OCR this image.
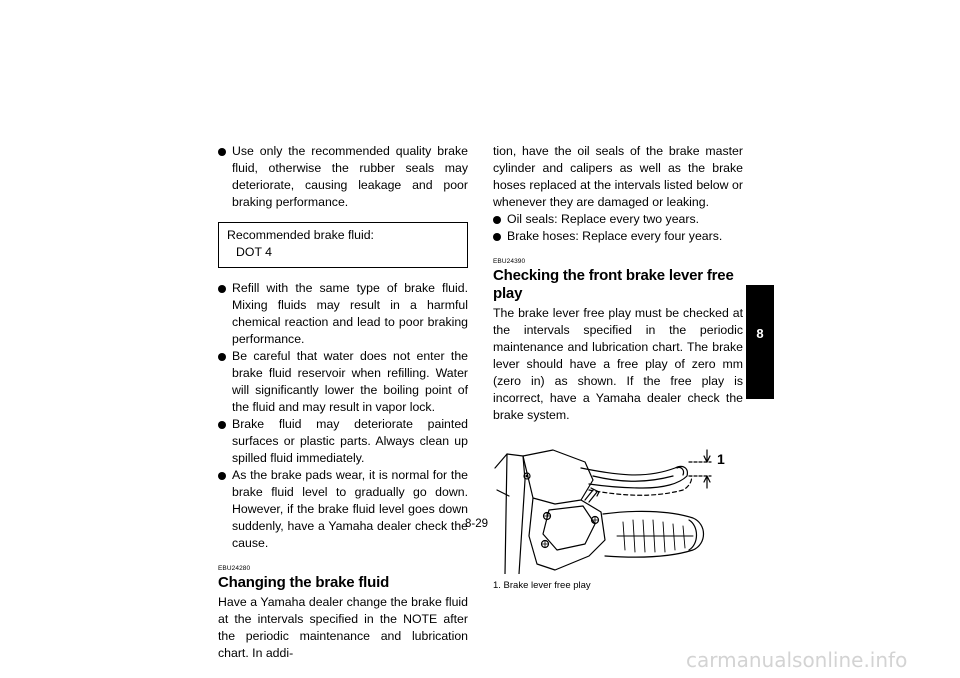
Use only the recommended quality brake fluid, otherwise the rubber seals may deteriorate, causing leakage and poor braking performance.
Recommended brake fluid:
DOT 4
Refill with the same type of brake fluid. Mixing fluids may result in a harmful chemical reaction and lead to poor braking performance.
Be careful that water does not enter the brake fluid reservoir when refilling. Water will significantly lower the boiling point of the fluid and may result in vapor lock.
Brake fluid may deteriorate painted surfaces or plastic parts. Always clean up spilled fluid immediately.
As the brake pads wear, it is normal for the brake fluid level to gradually go down. However, if the brake fluid level goes down suddenly, have a Yamaha dealer check the cause.
EBU24280
Changing the brake fluid

Have a Yamaha dealer change the brake fluid at the intervals specified in the NOTE after the periodic maintenance and lubrication chart. In addi-

tion, have the oil seals of the brake master cylinder and calipers as well as the brake hoses replaced at the intervals listed below or whenever they are damaged or leaking.

Oil seals: Replace every two years.
Brake hoses: Replace every four years.
EBU24390
Checking the front brake lever free play

The brake lever free play must be checked at the intervals specified in the periodic maintenance and lubrication chart. The brake lever should have a free play of zero mm (zero in) as shown. If the free play is incorrect, have a Yamaha dealer check the brake system.

1
1. Brake lever free play
8-29
8
carmanualsonline.info
